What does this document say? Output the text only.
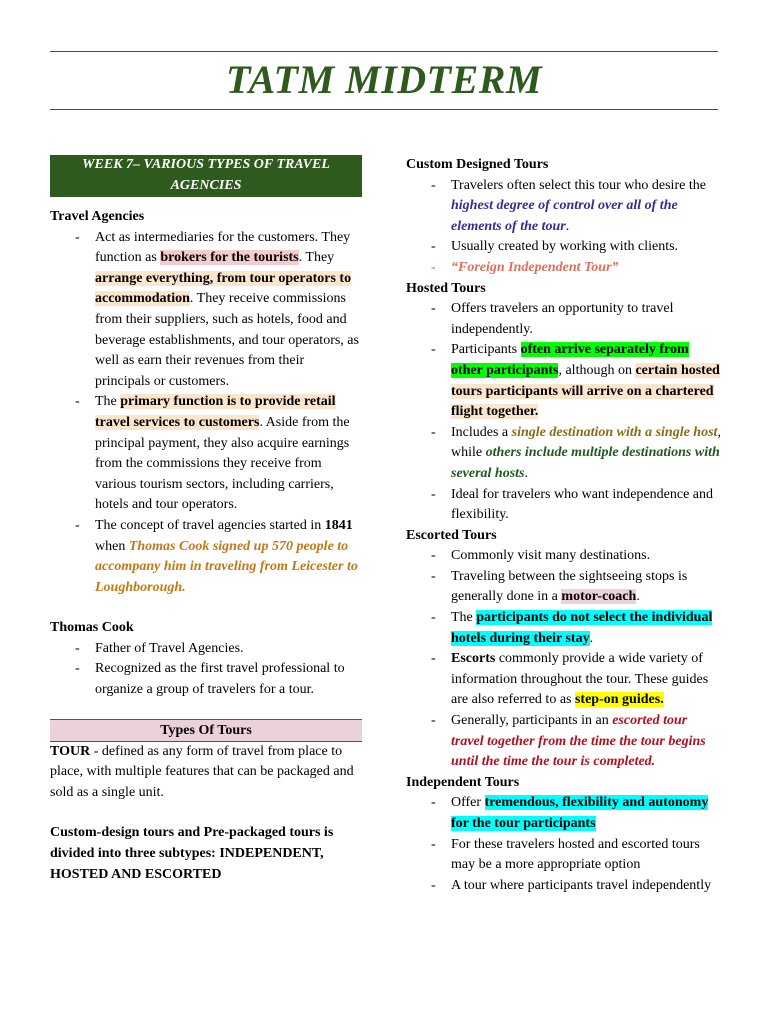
TATM MIDTERM
WEEK 7– VARIOUS TYPES OF TRAVEL AGENCIES
Travel Agencies
- Act as intermediaries for the customers. They function as brokers for the tourists. They arrange everything, from tour operators to accommodation. They receive commissions from their suppliers, such as hotels, food and beverage establishments, and tour operators, as well as earn their revenues from their principals or customers.
- The primary function is to provide retail travel services to customers. Aside from the principal payment, they also acquire earnings from the commissions they receive from various tourism sectors, including carriers, hotels and tour operators.
- The concept of travel agencies started in 1841 when Thomas Cook signed up 570 people to accompany him in traveling from Leicester to Loughborough.
Thomas Cook
- Father of Travel Agencies.
- Recognized as the first travel professional to organize a group of travelers for a tour.
Types Of Tours
TOUR - defined as any form of travel from place to place, with multiple features that can be packaged and sold as a single unit.
Custom-design tours and Pre-packaged tours is divided into three subtypes: INDEPENDENT, HOSTED AND ESCORTED
Custom Designed Tours
- Travelers often select this tour who desire the highest degree of control over all of the elements of the tour.
- Usually created by working with clients.
- “Foreign Independent Tour”
Hosted Tours
- Offers travelers an opportunity to travel independently.
- Participants often arrive separately from other participants, although on certain hosted tours participants will arrive on a chartered flight together.
- Includes a single destination with a single host, while others include multiple destinations with several hosts.
- Ideal for travelers who want independence and flexibility.
Escorted Tours
- Commonly visit many destinations.
- Traveling between the sightseeing stops is generally done in a motor-coach.
- The participants do not select the individual hotels during their stay.
- Escorts commonly provide a wide variety of information throughout the tour. These guides are also referred to as step-on guides.
- Generally, participants in an escorted tour travel together from the time the tour begins until the time the tour is completed.
Independent Tours
- Offer tremendous, flexibility and autonomy for the tour participants
- For these travelers hosted and escorted tours may be a more appropriate option
- A tour where participants travel independently
